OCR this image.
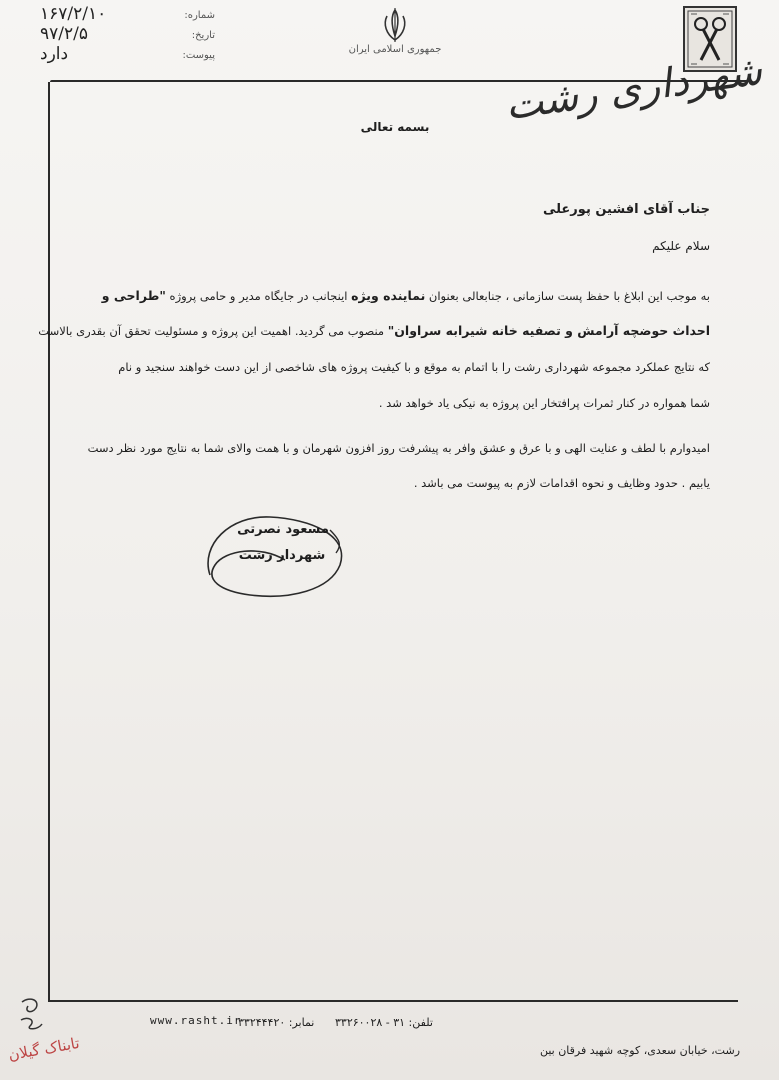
شماره:
۱۶۷/۲/۱۰
تاریخ:
۹۷/۲/۵
پیوست:
دارد	جمهوری اسلامی ایران	شهرداری رشت
بسمه تعالی
جناب آقای افشین پورعلی
سلام علیکم
به موجب این ابلاغ با حفظ پست سازمانی ، جنابعالی بعنوان نماینده ویژه اینجانب در جایگاه مدیر و حامی پروژه "طراحی و
احداث حوضچه آرامش و تصفیه خانه شیرابه سراوان" منصوب می گردید. اهمیت این پروژه و مسئولیت تحقق آن بقدری بالاست
که نتایج عملکرد مجموعه شهرداری رشت را با اتمام به موقع و با کیفیت پروژه های شاخصی از این دست خواهند سنجید و نام
شما همواره در کنار ثمرات پرافتخار این پروژه به نیکی یاد خواهد شد .
امیدوارم با لطف و عنایت الهی و با عرق و عشق وافر به پیشرفت روز افزون شهرمان و با همت والای شما به نتایج مورد نظر دست
یابیم . حدود وظایف و نحوه اقدامات لازم به پیوست می باشد .
مسعود نصرتی
شهردار رشت
www.rasht.ir
نمابر: ۳۳۲۴۴۴۲۰ تلفن: ۳۱ - ۳۳۲۶۰۰۲۸
رشت، خیابان سعدی، کوچه شهید فرقان بین
تابناک گیلان
